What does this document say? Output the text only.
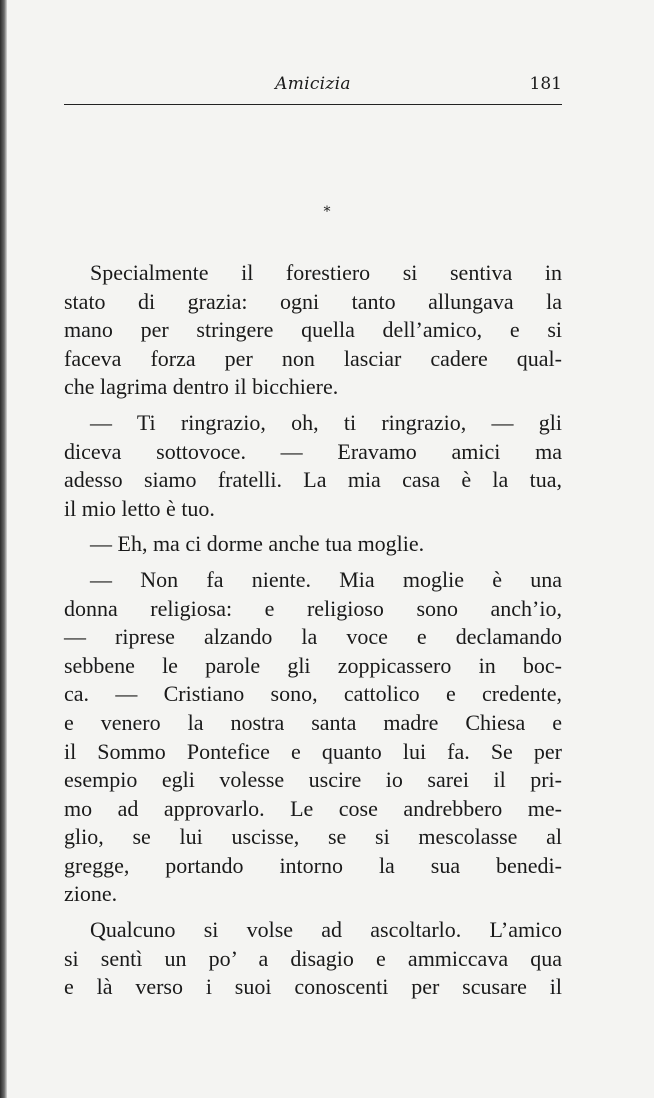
Amicizia	181
*
Specialmente il forestiero si sentiva in
stato di grazia: ogni tanto allungava la
mano per stringere quella dell’amico, e si
faceva forza per non lasciar cadere qual-
che lagrima dentro il bicchiere.
— Ti ringrazio, oh, ti ringrazio, — gli
diceva sottovoce. — Eravamo amici ma
adesso siamo fratelli. La mia casa è la tua,
il mio letto è tuo.
— Eh, ma ci dorme anche tua moglie.
— Non fa niente. Mia moglie è una
donna religiosa: e religioso sono anch’io,
— riprese alzando la voce e declamando
sebbene le parole gli zoppicassero in boc-
ca. — Cristiano sono, cattolico e credente,
e venero la nostra santa madre Chiesa e
il Sommo Pontefice e quanto lui fa. Se per
esempio egli volesse uscire io sarei il pri-
mo ad approvarlo. Le cose andrebbero me-
glio, se lui uscisse, se si mescolasse al
gregge, portando intorno la sua benedi-
zione.
Qualcuno si volse ad ascoltarlo. L’amico
si sentì un po’ a disagio e ammiccava qua
e là verso i suoi conoscenti per scusare il
